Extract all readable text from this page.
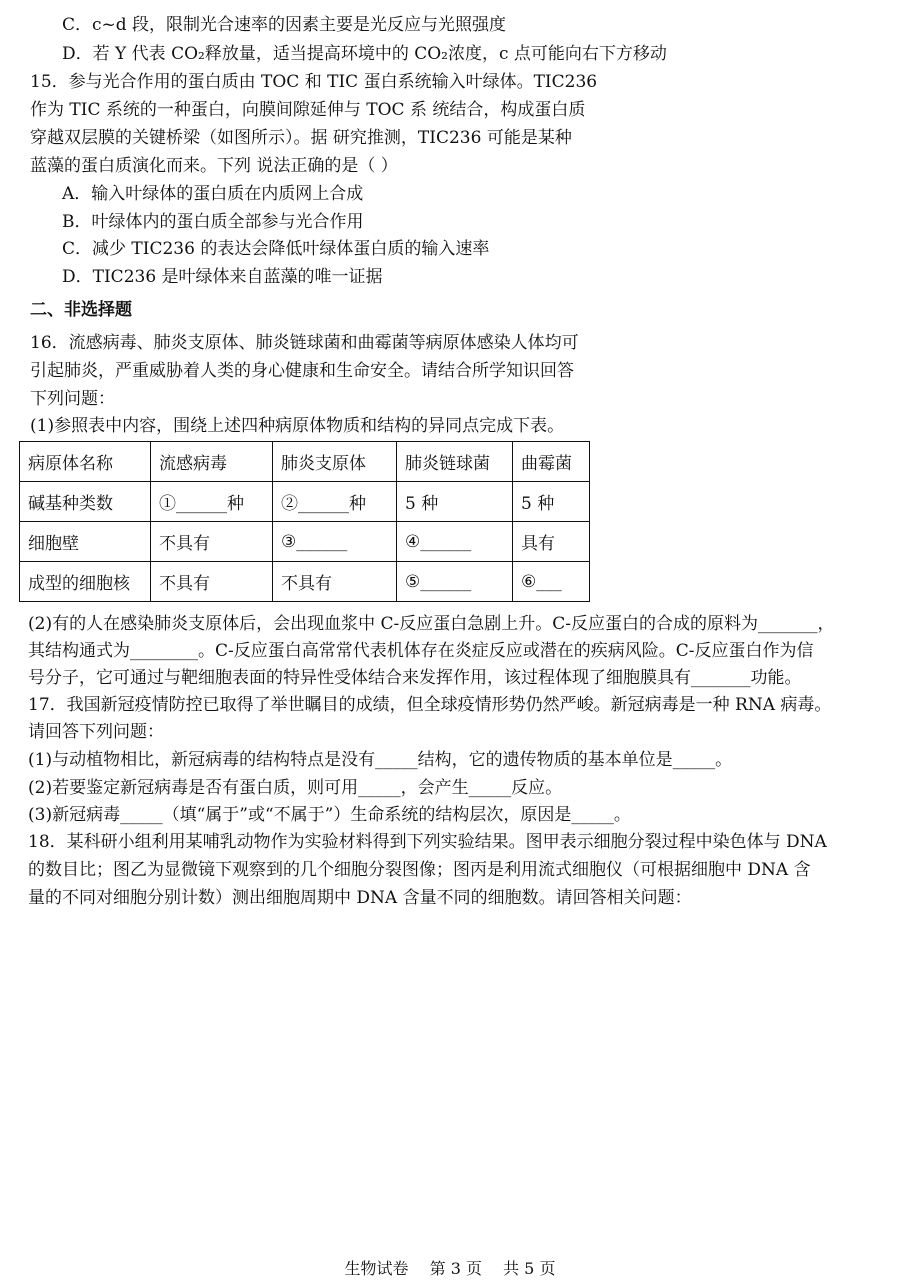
C．c~d 段，限制光合速率的因素主要是光反应与光照强度
D．若 Y 代表 CO₂释放量，适当提高环境中的 CO₂浓度，c 点可能向右下方移动
15．参与光合作用的蛋白质由 TOC 和 TIC 蛋白系统输入叶绿体。TIC236
作为 TIC 系统的一种蛋白，向膜间隙延伸与 TOC 系 统结合，构成蛋白质
穿越双层膜的关键桥梁（如图所示）。据 研究推测，TIC236 可能是某种
蓝藻的蛋白质演化而来。下列 说法正确的是（ ）
A．输入叶绿体的蛋白质在内质网上合成
B．叶绿体内的蛋白质全部参与光合作用
C．减少 TIC236 的表达会降低叶绿体蛋白质的输入速率
D．TIC236 是叶绿体来自蓝藻的唯一证据
二、非选择题
16．流感病毒、肺炎支原体、肺炎链球菌和曲霉菌等病原体感染人体均可
引起肺炎，严重威胁着人类的身心健康和生命安全。请结合所学知识回答
下列问题：
(1)参照表中内容，围绕上述四种病原体物质和结构的异同点完成下表。
病原体名称	流感病毒	肺炎支原体	肺炎链球菌	曲霉菌
碱基种类数	①______种	②______种	5 种	5 种
细胞壁	不具有	③______	④______	具有
成型的细胞核	不具有	不具有	⑤______	⑥___
(2)有的人在感染肺炎支原体后，会出现血浆中 C-反应蛋白急剧上升。C-反应蛋白的合成的原料为_______，
其结构通式为________。C-反应蛋白高常常代表机体存在炎症反应或潜在的疾病风险。C-反应蛋白作为信
号分子，它可通过与靶细胞表面的特异性受体结合来发挥作用，该过程体现了细胞膜具有_______功能。
17．我国新冠疫情防控已取得了举世瞩目的成绩，但全球疫情形势仍然严峻。新冠病毒是一种 RNA 病毒。
请回答下列问题：
(1)与动植物相比，新冠病毒的结构特点是没有_____结构，它的遗传物质的基本单位是_____。
(2)若要鉴定新冠病毒是否有蛋白质，则可用_____，会产生_____反应。
(3)新冠病毒_____（填“属于”或“不属于”）生命系统的结构层次，原因是_____。
18．某科研小组利用某哺乳动物作为实验材料得到下列实验结果。图甲表示细胞分裂过程中染色体与 DNA
的数目比；图乙为显微镜下观察到的几个细胞分裂图像；图丙是利用流式细胞仪（可根据细胞中 DNA 含
量的不同对细胞分别计数）测出细胞周期中 DNA 含量不同的细胞数。请回答相关问题：
生物试卷 第 3 页 共 5 页
